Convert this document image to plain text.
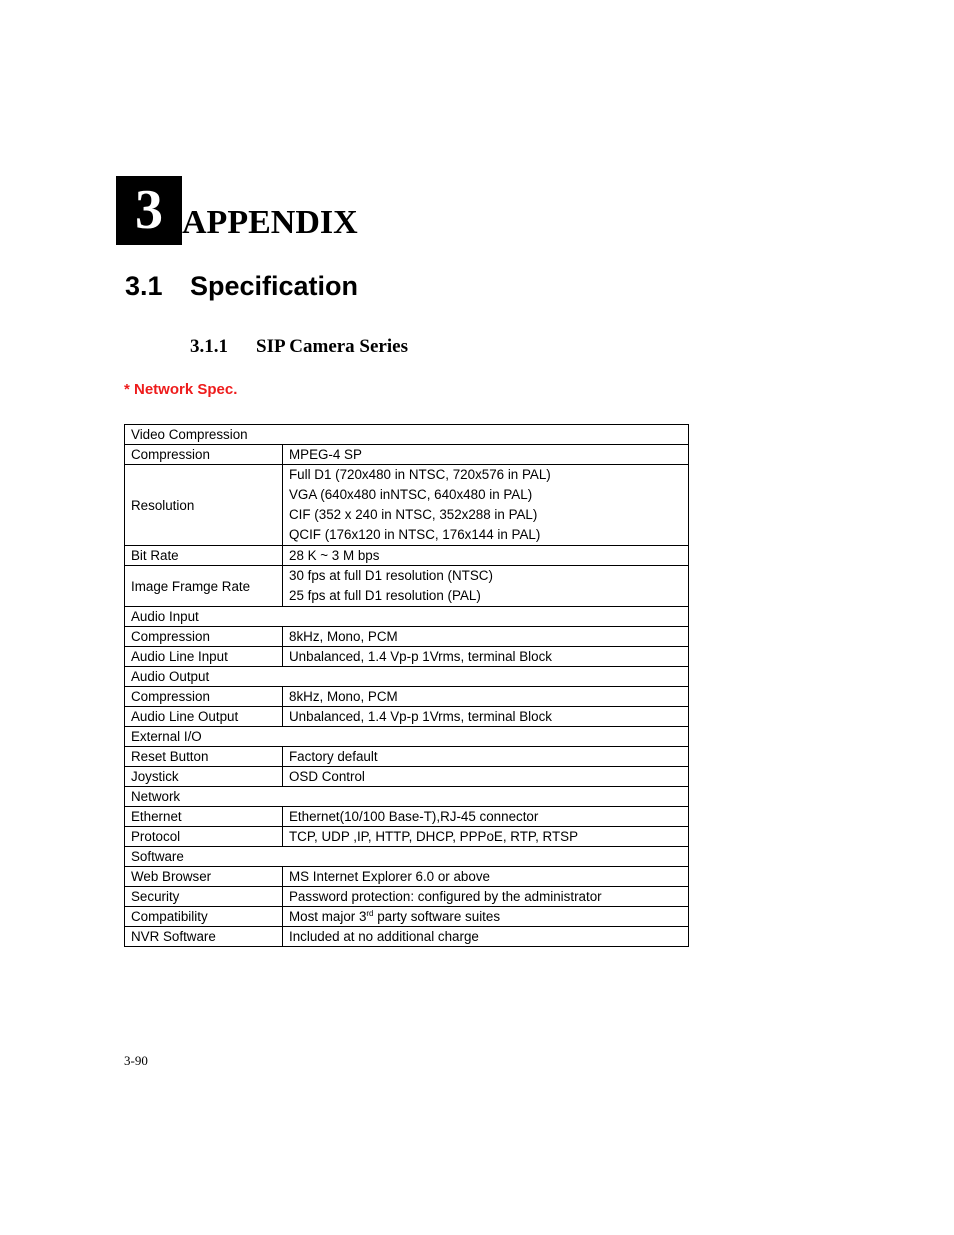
3 APPENDIX
3.1 Specification
3.1.1 SIP Camera Series
* Network Spec.
Video Compression	
Compression	MPEG-4 SP
Resolution	Full D1 (720x480 in NTSC, 720x576 in PAL)
VGA (640x480 inNTSC, 640x480 in PAL)
CIF (352 x 240 in NTSC, 352x288 in PAL)
QCIF (176x120 in NTSC, 176x144 in PAL)

Bit Rate	28 K ~ 3 M bps
Image Framge Rate	30 fps at full D1 resolution (NTSC)
25 fps at full D1 resolution (PAL)

Audio Input	
Compression	8kHz, Mono, PCM
Audio Line Input	Unbalanced, 1.4 Vp-p 1Vrms, terminal Block
Audio Output	
Compression	8kHz, Mono, PCM
Audio Line Output	Unbalanced, 1.4 Vp-p 1Vrms, terminal Block
External I/O	
Reset Button	Factory default
Joystick	OSD Control
Network	
Ethernet	Ethernet(10/100 Base-T),RJ-45 connector
Protocol	TCP, UDP ,IP, HTTP, DHCP, PPPoE, RTP, RTSP
Software	
Web Browser	MS Internet Explorer 6.0 or above
Security	Password protection: configured by the administrator
Compatibility	Most major 3rd party software suites
NVR Software	Included at no additional charge
3-90
